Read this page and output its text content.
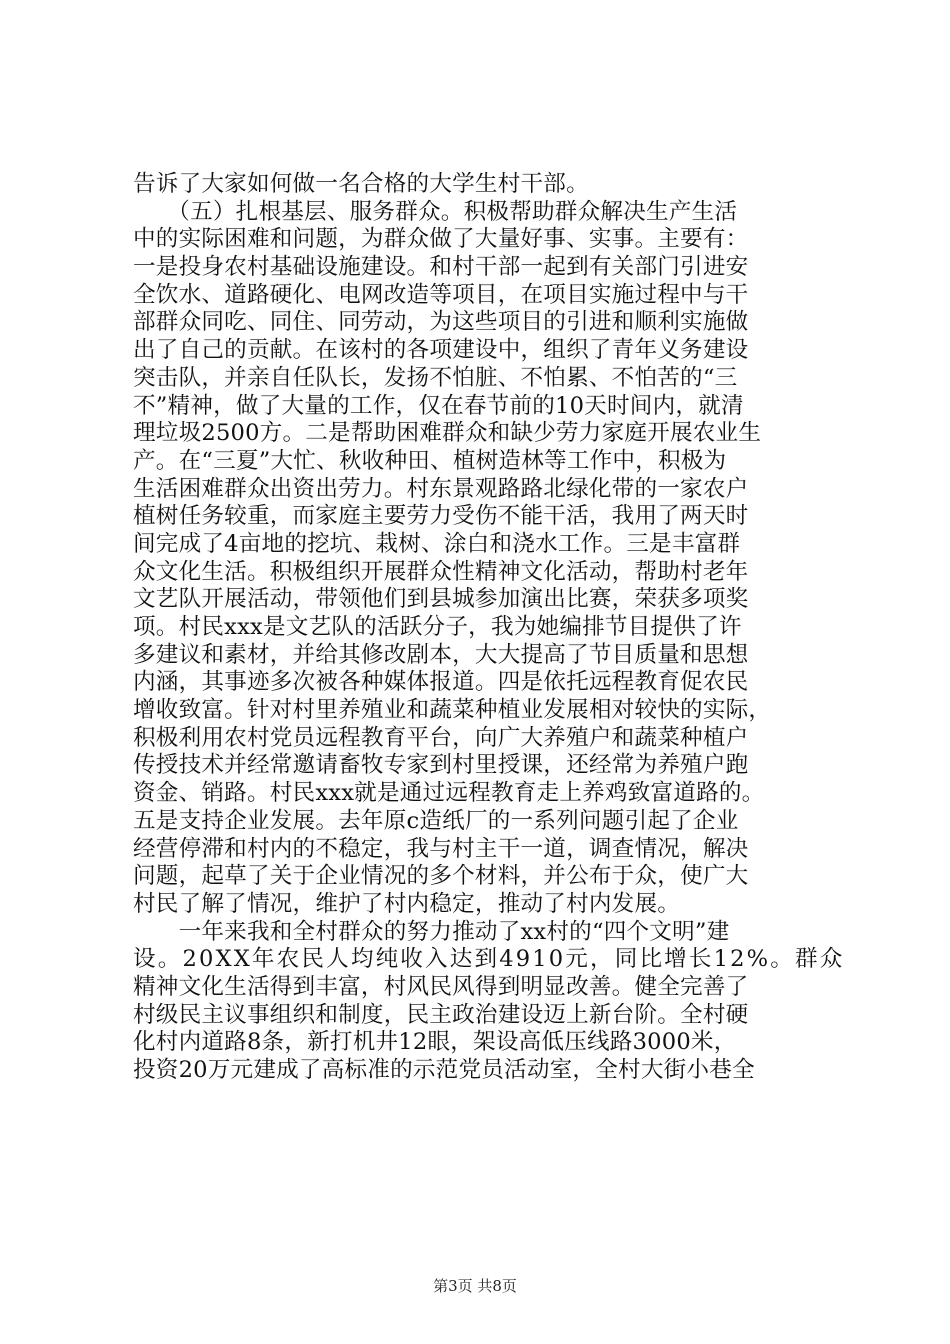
告诉了大家如何做一名合格的大学生村干部。
　　（五）扎根基层、服务群众。积极帮助群众解决生产生活
中的实际困难和问题，为群众做了大量好事、实事。主要有：
一是投身农村基础设施建设。和村干部一起到有关部门引进安
全饮水、道路硬化、电网改造等项目，在项目实施过程中与干
部群众同吃、同住、同劳动，为这些项目的引进和顺利实施做
出了自己的贡献。在该村的各项建设中，组织了青年义务建设
突击队，并亲自任队长，发扬不怕脏、不怕累、不怕苦的“三
不”精神，做了大量的工作，仅在春节前的10天时间内，就清
理垃圾2500方。二是帮助困难群众和缺少劳力家庭开展农业生
产。在“三夏”大忙、秋收种田、植树造林等工作中，积极为
生活困难群众出资出劳力。村东景观路路北绿化带的一家农户
植树任务较重，而家庭主要劳力受伤不能干活，我用了两天时
间完成了4亩地的挖坑、栽树、涂白和浇水工作。三是丰富群
众文化生活。积极组织开展群众性精神文化活动，帮助村老年
文艺队开展活动，带领他们到县城参加演出比赛，荣获多项奖
项。村民xxx是文艺队的活跃分子，我为她编排节目提供了许
多建议和素材，并给其修改剧本，大大提高了节目质量和思想
内涵，其事迹多次被各种媒体报道。四是依托远程教育促农民
增收致富。针对村里养殖业和蔬菜种植业发展相对较快的实际，
积极利用农村党员远程教育平台，向广大养殖户和蔬菜种植户
传授技术并经常邀请畜牧专家到村里授课，还经常为养殖户跑
资金、销路。村民xxx就是通过远程教育走上养鸡致富道路的。
五是支持企业发展。去年原c造纸厂的一系列问题引起了企业
经营停滞和村内的不稳定，我与村主干一道，调查情况，解决
问题，起草了关于企业情况的多个材料，并公布于众，使广大
村民了解了情况，维护了村内稳定，推动了村内发展。
　　一年来我和全村群众的努力推动了xx村的“四个文明”建
设。20XX年农民人均纯收入达到4910元，同比增长12%。群众
精神文化生活得到丰富，村风民风得到明显改善。健全完善了
村级民主议事组织和制度，民主政治建设迈上新台阶。全村硬
化村内道路8条，新打机井12眼，架设高低压线路3000米，
投资20万元建成了高标准的示范党员活动室，全村大街小巷全
第3页 共8页
